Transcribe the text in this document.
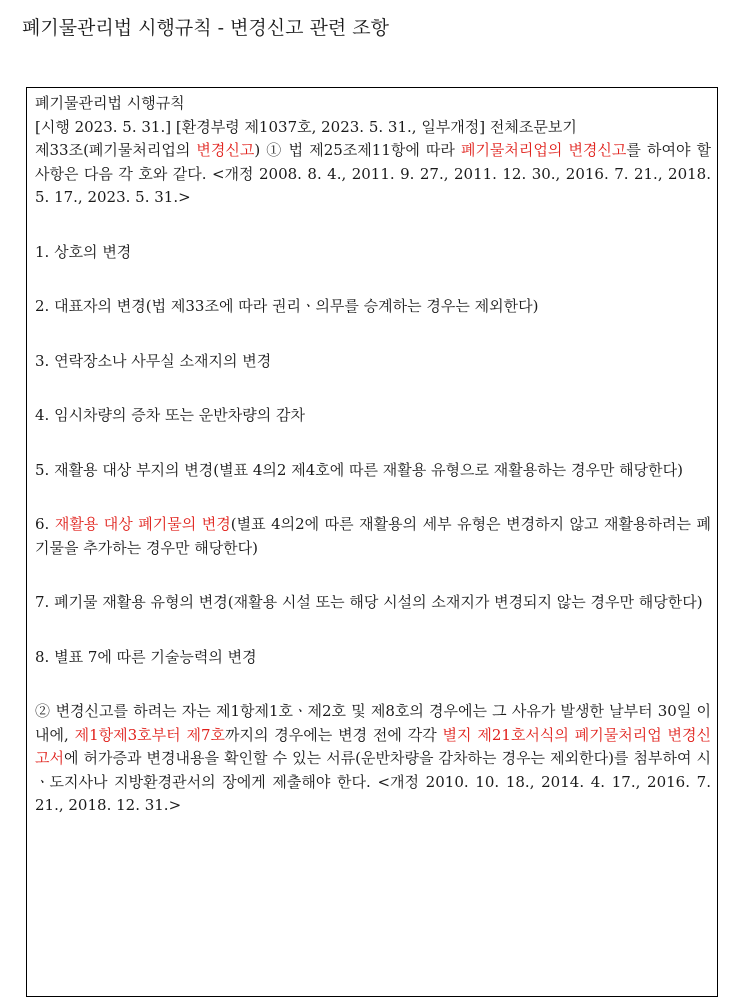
폐기물관리법 시행규칙 - 변경신고 관련 조항
폐기물관리법 시행규칙
[시행 2023. 5. 31.] [환경부령 제1037호, 2023. 5. 31., 일부개정] 전체조문보기

제33조(폐기물처리업의 변경신고) ① 법 제25조제11항에 따라 폐기물처리업의 변경신고를 하여야 할 사항은 다음 각 호와 같다. <개정 2008. 8. 4., 2011. 9. 27., 2011. 12. 30., 2016. 7. 21., 2018. 5. 17., 2023. 5. 31.>

1. 상호의 변경

2. 대표자의 변경(법 제33조에 따라 권리ㆍ의무를 승계하는 경우는 제외한다)

3. 연락장소나 사무실 소재지의 변경

4. 임시차량의 증차 또는 운반차량의 감차

5. 재활용 대상 부지의 변경(별표 4의2 제4호에 따른 재활용 유형으로 재활용하는 경우만 해당한다)

6. 재활용 대상 폐기물의 변경(별표 4의2에 따른 재활용의 세부 유형은 변경하지 않고 재활용하려는 폐기물을 추가하는 경우만 해당한다)

7. 폐기물 재활용 유형의 변경(재활용 시설 또는 해당 시설의 소재지가 변경되지 않는 경우만 해당한다)

8. 별표 7에 따른 기술능력의 변경

② 변경신고를 하려는 자는 제1항제1호ㆍ제2호 및 제8호의 경우에는 그 사유가 발생한 날부터 30일 이내에, 제1항제3호부터 제7호까지의 경우에는 변경 전에 각각 별지 제21호서식의 폐기물처리업 변경신고서에 허가증과 변경내용을 확인할 수 있는 서류(운반차량을 감차하는 경우는 제외한다)를 첨부하여 시ㆍ도지사나 지방환경관서의 장에게 제출해야 한다. <개정 2010. 10. 18., 2014. 4. 17., 2016. 7. 21., 2018. 12. 31.>
